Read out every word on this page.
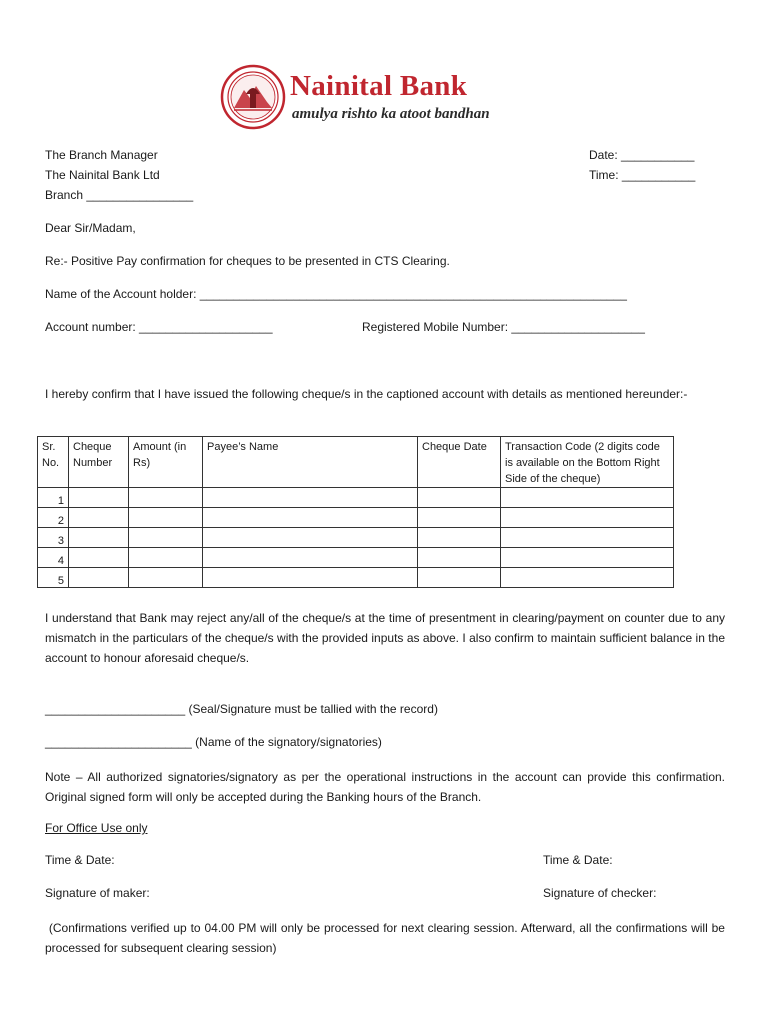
Nainital Bank
amulya rishto ka atoot bandhan
The Branch Manager
The Nainital Bank Ltd
Branch ________________
Date: ___________
Time: ___________
Dear Sir/Madam,
Re:- Positive Pay confirmation for cheques to be presented in CTS Clearing.
Name of the Account holder: ________________________________________________________________
Account number: ____________________	Registered Mobile Number: ____________________
I hereby confirm that I have issued the following cheque/s in the captioned account with details as mentioned hereunder:-
Sr. No.	Cheque Number	Amount (in Rs)	Payee’s Name	Cheque Date	Transaction Code (2 digits code is available on the Bottom Right Side of the cheque)
1					
2					
3					
4					
5					
I understand that Bank may reject any/all of the cheque/s at the time of presentment in clearing/payment on counter due to any mismatch in the particulars of the cheque/s with the provided inputs as above. I also confirm to maintain sufficient balance in the account to honour aforesaid cheque/s.
_____________________ (Seal/Signature must be tallied with the record)
______________________ (Name of the signatory/signatories)
Note – All authorized signatories/signatory as per the operational instructions in the account can provide this confirmation. Original signed form will only be accepted during the Banking hours of the Branch.
For Office Use only
Time & Date:	Time & Date:
Signature of maker:	Signature of checker:
(Confirmations verified up to 04.00 PM will only be processed for next clearing session. Afterward, all the confirmations will be processed for subsequent clearing session)
